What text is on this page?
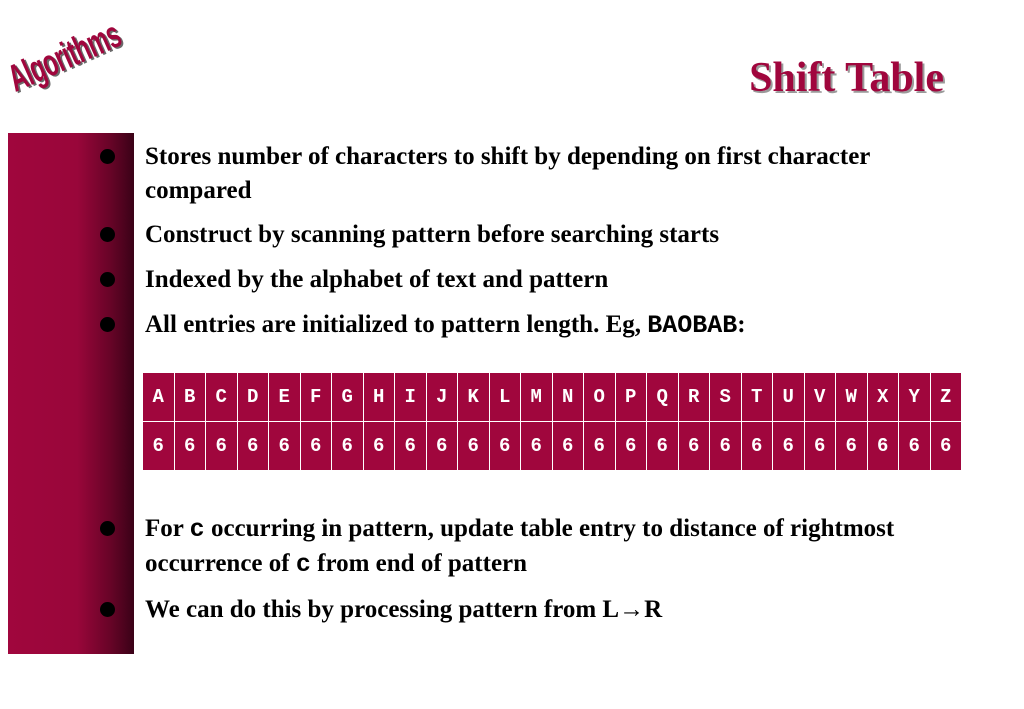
Algorithms	Shift Table
Stores number of characters to shift by depending on first character compared
Construct by scanning pattern before searching starts
Indexed by the alphabet of text and pattern
All entries are initialized to pattern length. Eg, BAOBAB:
For c occurring in pattern, update table entry to distance of rightmost occurrence of c from end of pattern
We can do this by processing pattern from L→R
A	B	C	D	E	F	G	H	I	J	K	L	M	N	O	P	Q	R	S	T	U	V	W	X	Y	Z
6	6	6	6	6	6	6	6	6	6	6	6	6	6	6	6	6	6	6	6	6	6	6	6	6	6
